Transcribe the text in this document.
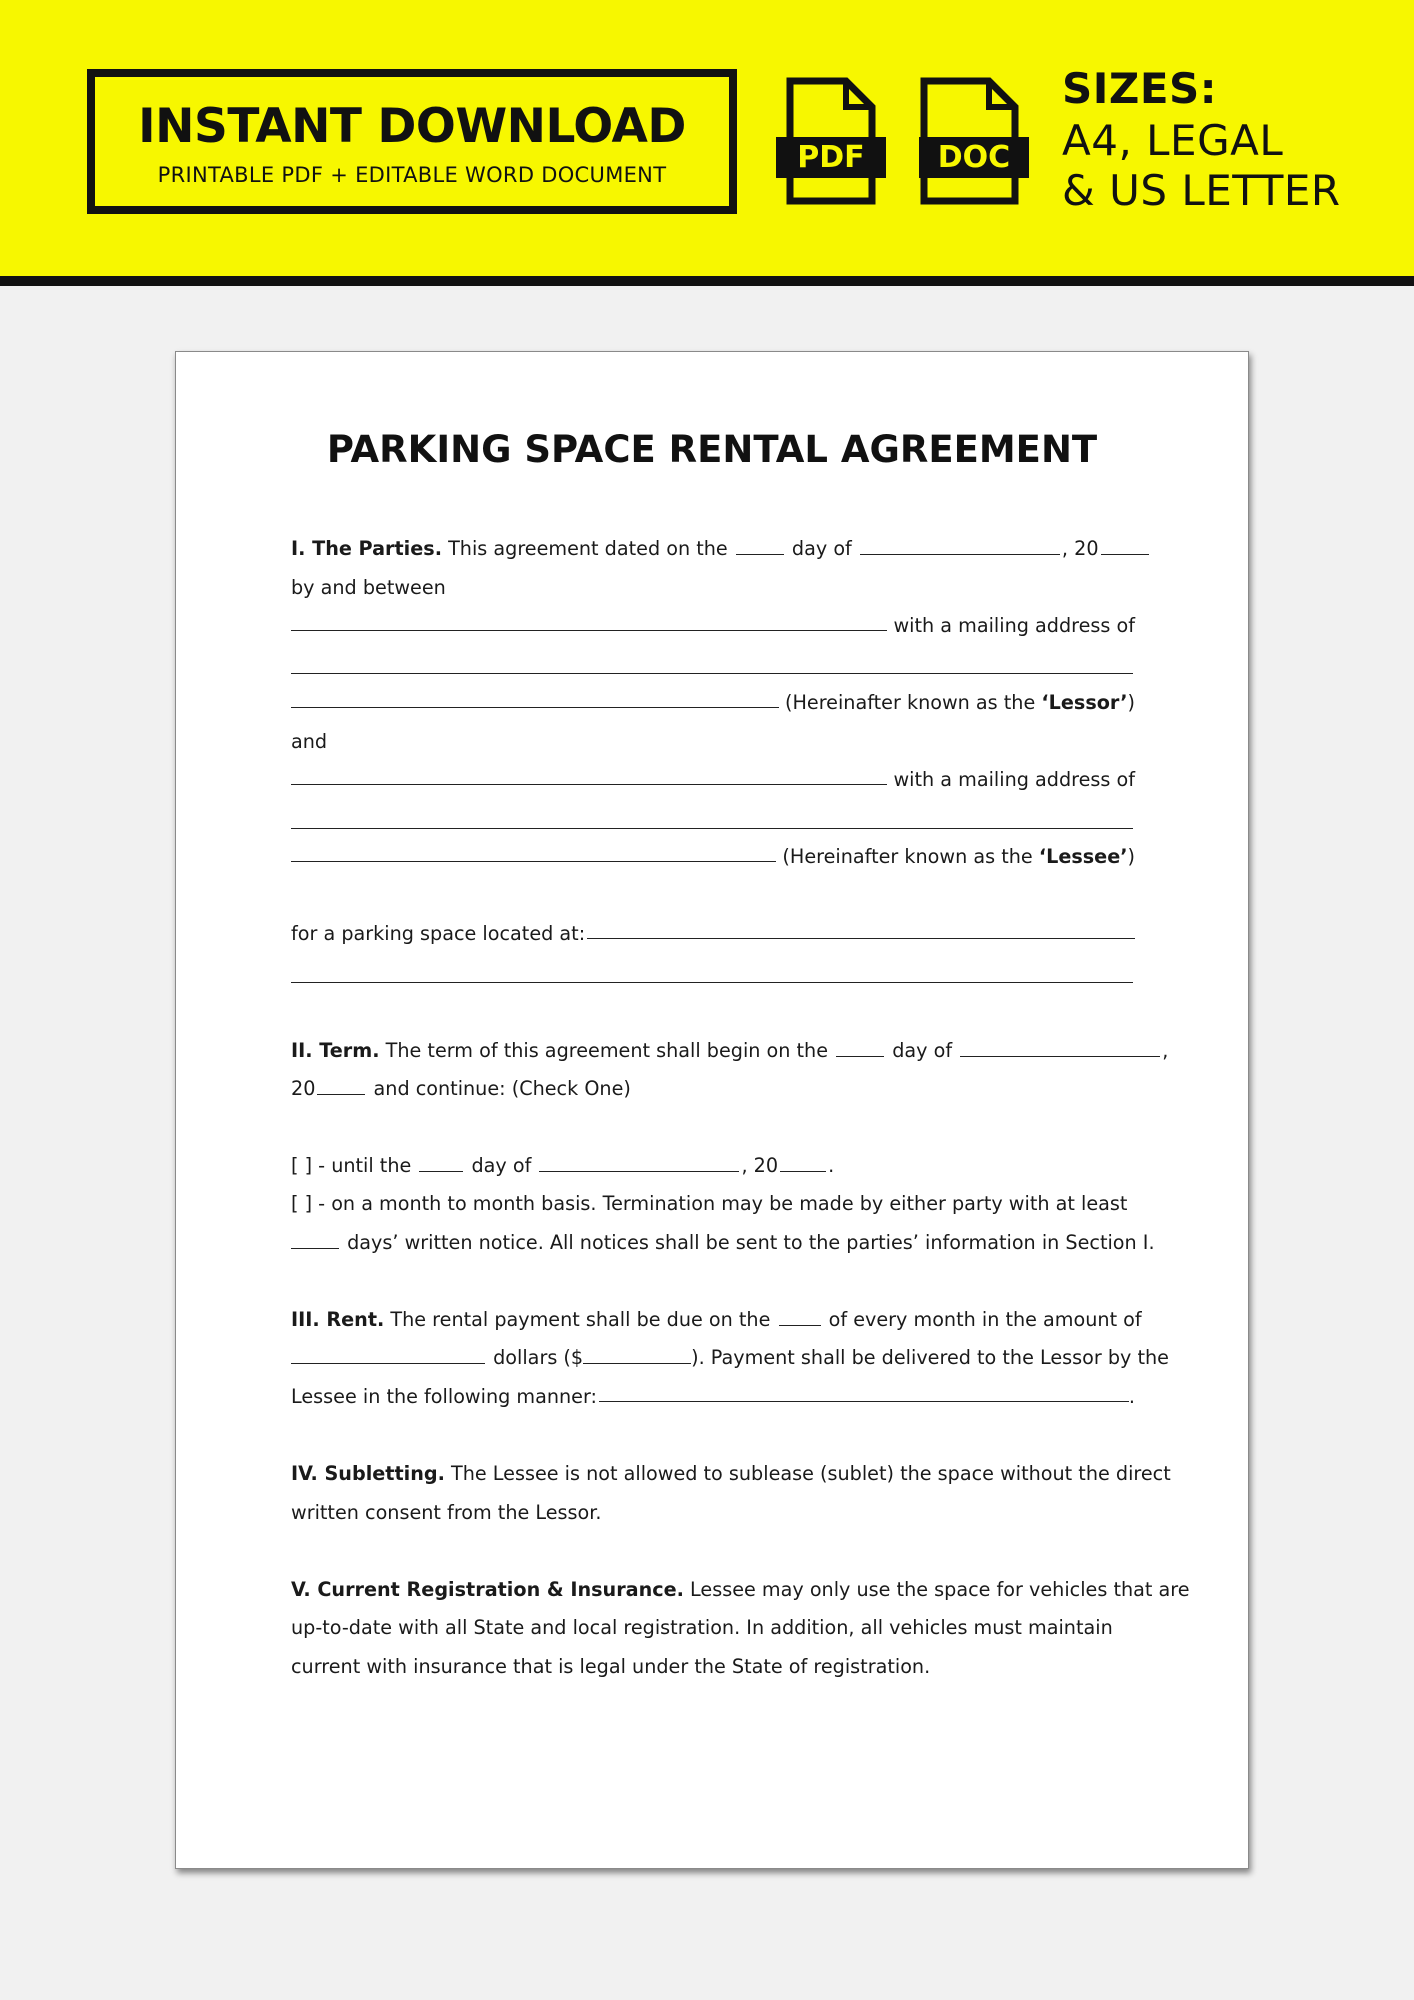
INSTANT DOWNLOAD
PRINTABLE PDF + EDITABLE WORD DOCUMENT	PDF	DOC
SIZES:
A4, LEGAL
& US LETTER
PARKING SPACE RENTAL AGREEMENT
I. The Parties. This agreement dated on the	day of	, 20
by and between
with a mailing address of
(Hereinafter known as the ‘Lessor’)
and
with a mailing address of
(Hereinafter known as the ‘Lessee’)
for a parking space located at:
II. Term. The term of this agreement shall begin on the	day of	,
20	and continue: (Check One)
[ ] - until the	day of	, 20	.
[ ] - on a month to month basis. Termination may be made by either party with at least
days’ written notice. All notices shall be sent to the parties’ information in Section I.
III. Rent. The rental payment shall be due on the  of every month in the amount of
dollars ($	). Payment shall be delivered to the Lessor by the
Lessee in the following manner:	.
IV. Subletting. The Lessee is not allowed to sublease (sublet) the space without the direct
written consent from the Lessor.
V. Current Registration & Insurance. Lessee may only use the space for vehicles that are
up-to-date with all State and local registration. In addition, all vehicles must maintain
current with insurance that is legal under the State of registration.
